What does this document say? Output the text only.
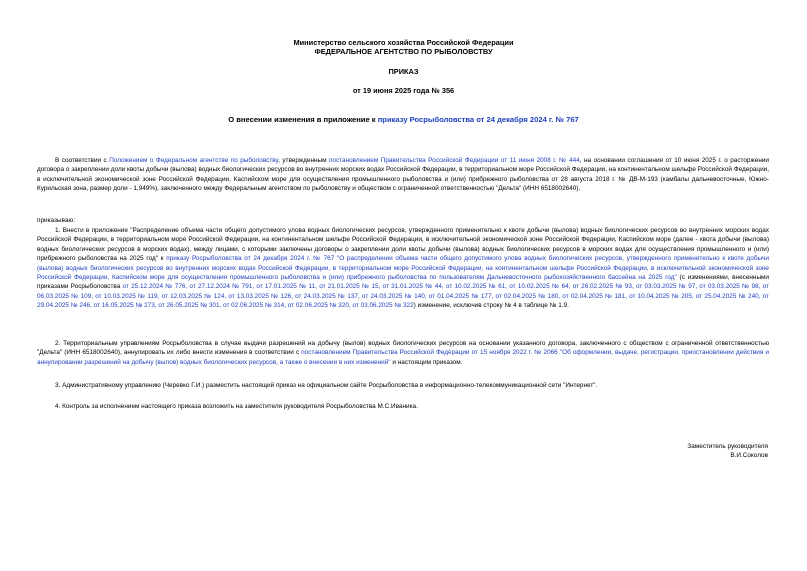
Министерство сельского хозяйства Российской Федерации
ФЕДЕРАЛЬНОЕ АГЕНТСТВО ПО РЫБОЛОВСТВУ
ПРИКАЗ
от 19 июня 2025 года № 356
О внесении изменения в приложение к приказу Росрыболовства от 24 декабря 2024 г. № 767
В соответствии с Положением о Федеральном агентстве по рыболовству, утвержденным постановлением Правительства Российской Федерации от 11 июня 2008 г. № 444, на основании соглашения от 10 июня 2025 г. о расторжении договора о закреплении доли квоты добычи (вылова) водных биологических ресурсов во внутренних морских водах Российской Федерации, в территориальном море Российской Федерации, на континентальном шельфе Российской Федерации, в исключительной экономической зоне Российской Федерации, Каспийском море для осуществления промышленного рыболовства и (или) прибрежного рыболовства от 28 августа 2018 г. № ДВ-М-193 (камбалы дальневосточные, Южно-Курильская зона, размер доли - 1,949%), заключенного между Федеральным агентством по рыболовству и обществом с ограниченной ответственностью "Дельта" (ИНН 6518002640),
приказываю:
1. Внести в приложение "Распределение объема части общего допустимого улова водных биологических ресурсов, утвержденного применительно к квоте добычи (вылова) водных биологических ресурсов во внутренних морских водах Российской Федерации, в территориальном море Российской Федерации, на континентальном шельфе Российской Федерации, в исключительной экономической зоне Российской Федерации, Каспийском море (далее - квота добычи (вылова) водных биологических ресурсов в морских водах), между лицами, с которыми заключены договоры о закреплении доли квоты добычи (вылова) водных биологических ресурсов в морских водах для осуществления промышленного и (или) прибрежного рыболовства на 2025 год" к приказу Росрыболовства от 24 декабря 2024 г. № 767 "О распределении объема части общего допустимого улова водных биологических ресурсов, утвержденного применительно к квоте добычи (вылова) водных биологических ресурсов во внутренних морских водах Российской Федерации, в территориальном море Российской Федерации, на континентальном шельфе Российской Федерации, в исключительной экономической зоне Российской Федерации, Каспийском море для осуществления промышленного рыболовства и (или) прибрежного рыболовства по пользователям Дальневосточного рыбохозяйственного бассейна на 2025 год" (с изменениями, внесенными приказами Росрыболовства от 25.12.2024 № 776, от 27.12.2024 № 791, от 17.01.2025 № 11, от 21.01.2025 № 15, от 31.01.2025 № 44, от 10.02.2025 № 61, от 10.02.2025 № 64, от 26.02.2025 № 93, от 03.03.2025 № 97, от 03.03.2025 № 98, от 06.03.2025 № 109, от 10.03.2025 № 119, от 12.03.2025 № 124, от 13.03.2025 № 126, от 24.03.2025 № 137, от 24.03.2025 № 140, от 01.04.2025 № 177, от 02.04.2025 № 180, от 02.04.2025 № 181, от 10.04.2025 № 205, от 25.04.2025 № 240, от 29.04.2025 № 246, от 16.05.2025 № 273, от 26.05.2025 № 301, от 02.06.2025 № 314, от 02.06.2025 № 320, от 03.06.2025 № 322) изменение, исключив строку № 4 в таблице № 1.9.
2. Территориальным управлениям Росрыболовства в случае выдачи разрешений на добычу (вылов) водных биологических ресурсов на основании указанного договора, заключенного с обществом с ограниченной ответственностью "Дельта" (ИНН 6518002640), аннулировать их либо внести изменения в соответствии с постановлением Правительства Российской Федерации от 15 ноября 2022 г. № 2066 "Об оформлении, выдаче, регистрации, приостановлении действия и аннулировании разрешений на добычу (вылов) водных биологических ресурсов, а также о внесении в них изменений" и настоящим приказом.
3. Административному управлению (Черевко Г.И.) разместить настоящий приказ на официальном сайте Росрыболовства в информационно-телекоммуникационной сети "Интернет".
4. Контроль за исполнением настоящего приказа возложить на заместителя руководителя Росрыболовства М.С.Иваника.
Заместитель руководителя
В.И.Соколов
